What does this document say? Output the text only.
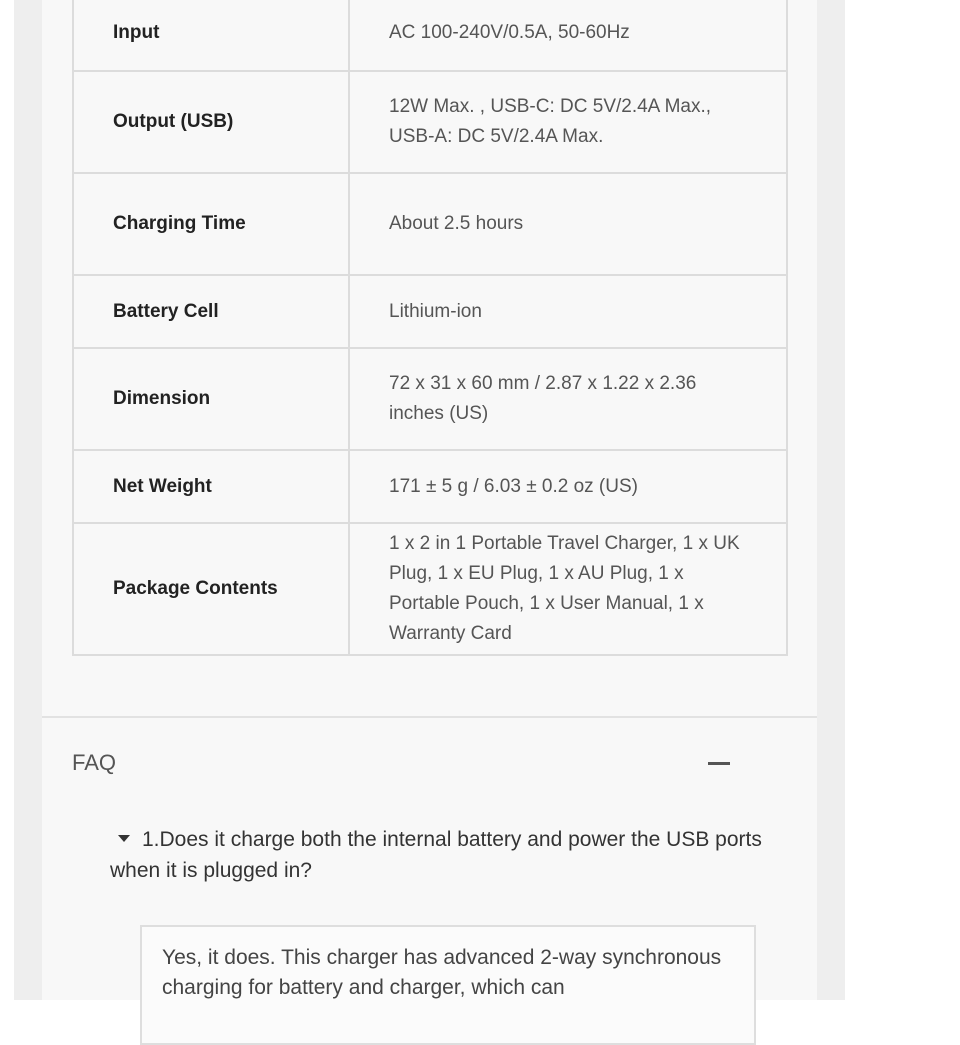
Input	AC 100-240V/0.5A, 50-60Hz
Output (USB)	12W Max. , USB-C: DC 5V/2.4A Max., USB-A: DC 5V/2.4A Max.
Charging Time	About 2.5 hours
Battery Cell	Lithium-ion
Dimension	72 x 31 x 60 mm / 2.87 x 1.22 x 2.36 inches (US)
Net Weight	171 ± 5 g / 6.03 ± 0.2 oz (US)
Package Contents	1 x 2 in 1 Portable Travel Charger, 1 x UK Plug, 1 x EU Plug, 1 x AU Plug, 1 x Portable Pouch, 1 x User Manual, 1 x Warranty Card
FAQ
1.Does it charge both the internal battery and power the USB ports when it is plugged in?
Yes, it does. This charger has advanced 2-way synchronous charging for battery and charger, which can
